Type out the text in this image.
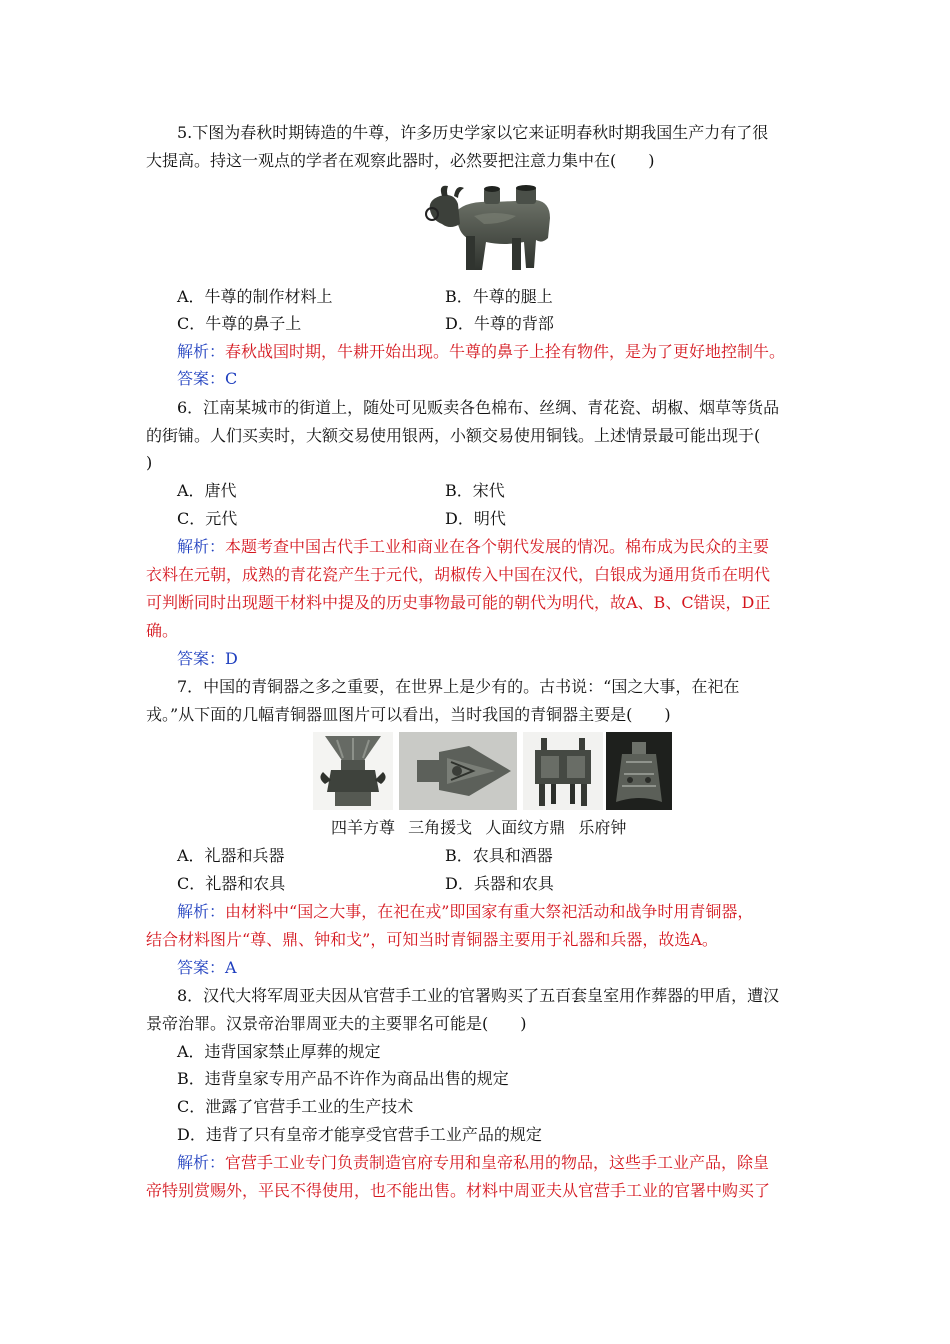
5.下图为春秋时期铸造的牛尊，许多历史学家以它来证明春秋时期我国生产力有了很
大提高。持这一观点的学者在观察此器时，必然要把注意力集中在(　　)
A．牛尊的制作材料上	B．牛尊的腿上
C．牛尊的鼻子上	D．牛尊的背部
解析：春秋战国时期，牛耕开始出现。牛尊的鼻子上拴有物件，是为了更好地控制牛。
答案：C
6．江南某城市的街道上，随处可见贩卖各色棉布、丝绸、青花瓷、胡椒、烟草等货品
的街铺。人们买卖时，大额交易使用银两，小额交易使用铜钱。上述情景最可能出现于(
)
A．唐代	B．宋代
C．元代	D．明代
解析：本题考查中国古代手工业和商业在各个朝代发展的情况。棉布成为民众的主要
衣料在元朝，成熟的青花瓷产生于元代，胡椒传入中国在汉代，白银成为通用货币在明代
可判断同时出现题干材料中提及的历史事物最可能的朝代为明代，故A、B、C错误，D正
确。
答案：D
7．中国的青铜器之多之重要，在世界上是少有的。古书说：“国之大事，在祀在
戎。”从下面的几幅青铜器皿图片可以看出，当时我国的青铜器主要是(　　)
四羊方尊 三角援戈 人面纹方鼎 乐府钟
A．礼器和兵器	B．农具和酒器
C．礼器和农具	D．兵器和农具
解析：由材料中“国之大事，在祀在戎”即国家有重大祭祀活动和战争时用青铜器，
结合材料图片“尊、鼎、钟和戈”，可知当时青铜器主要用于礼器和兵器，故选A。
答案：A
8．汉代大将军周亚夫因从官营手工业的官署购买了五百套皇室用作葬器的甲盾，遭汉
景帝治罪。汉景帝治罪周亚夫的主要罪名可能是(　　)
A．违背国家禁止厚葬的规定
B．违背皇家专用产品不许作为商品出售的规定
C．泄露了官营手工业的生产技术
D．违背了只有皇帝才能享受官营手工业产品的规定
解析：官营手工业专门负责制造官府专用和皇帝私用的物品，这些手工业产品，除皇
帝特别赏赐外，平民不得使用，也不能出售。材料中周亚夫从官营手工业的官署中购买了
